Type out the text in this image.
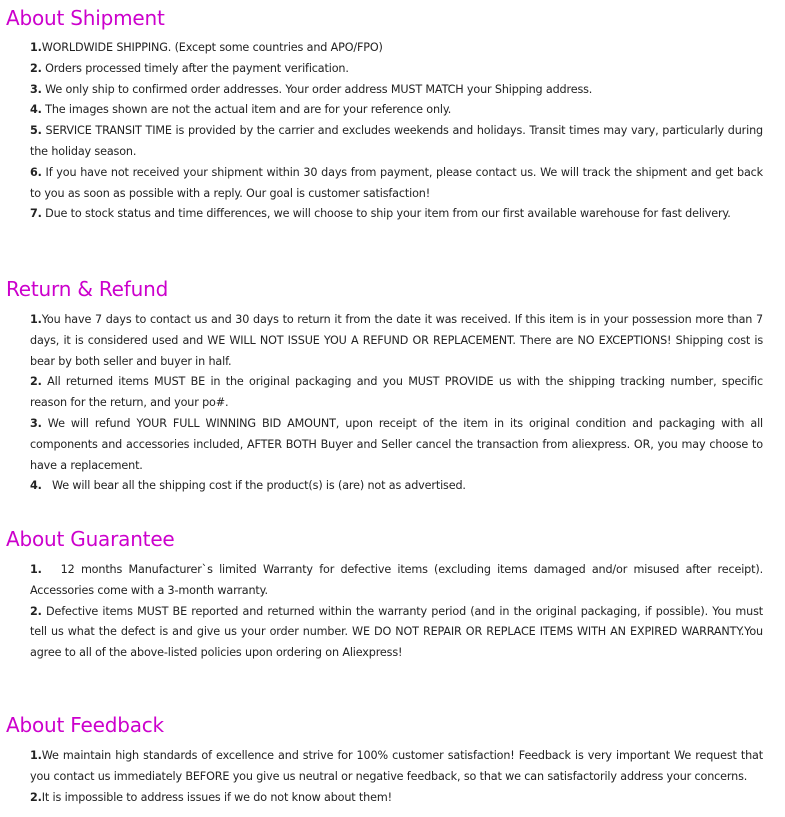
About Shipment
1.WORLDWIDE SHIPPING. (Except some countries and APO/FPO)
2. Orders processed timely after the payment verification.
3. We only ship to confirmed order addresses. Your order address MUST MATCH your Shipping address.
4. The images shown are not the actual item and are for your reference only.
5. SERVICE TRANSIT TIME is provided by the carrier and excludes weekends and holidays. Transit times may vary, particularly during the holiday season.
6. If you have not received your shipment within 30 days from payment, please contact us. We will track the shipment and get back to you as soon as possible with a reply. Our goal is customer satisfaction!
7. Due to stock status and time differences, we will choose to ship your item from our first available warehouse for fast delivery.
Return & Refund
1.You have 7 days to contact us and 30 days to return it from the date it was received. If this item is in your possession more than 7 days, it is considered used and WE WILL NOT ISSUE YOU A REFUND OR REPLACEMENT. There are NO EXCEPTIONS! Shipping cost is bear by both seller and buyer in half.
2. All returned items MUST BE in the original packaging and you MUST PROVIDE us with the shipping tracking number, specific reason for the return, and your po#.
3. We will refund YOUR FULL WINNING BID AMOUNT, upon receipt of the item in its original condition and packaging with all components and accessories included, AFTER BOTH Buyer and Seller cancel the transaction from aliexpress. OR, you may choose to have a replacement.
4.   We will bear all the shipping cost if the product(s) is (are) not as advertised.
About Guarantee
1.   12 months Manufacturer`s limited Warranty for defective items (excluding items damaged and/or misused after receipt). Accessories come with a 3-month warranty.
2. Defective items MUST BE reported and returned within the warranty period (and in the original packaging, if possible). You must tell us what the defect is and give us your order number. WE DO NOT REPAIR OR REPLACE ITEMS WITH AN EXPIRED WARRANTY.You agree to all of the above-listed policies upon ordering on Aliexpress!
About Feedback
1.We maintain high standards of excellence and strive for 100% customer satisfaction! Feedback is very important We request that you contact us immediately BEFORE you give us neutral or negative feedback, so that we can satisfactorily address your concerns.
2.It is impossible to address issues if we do not know about them!
